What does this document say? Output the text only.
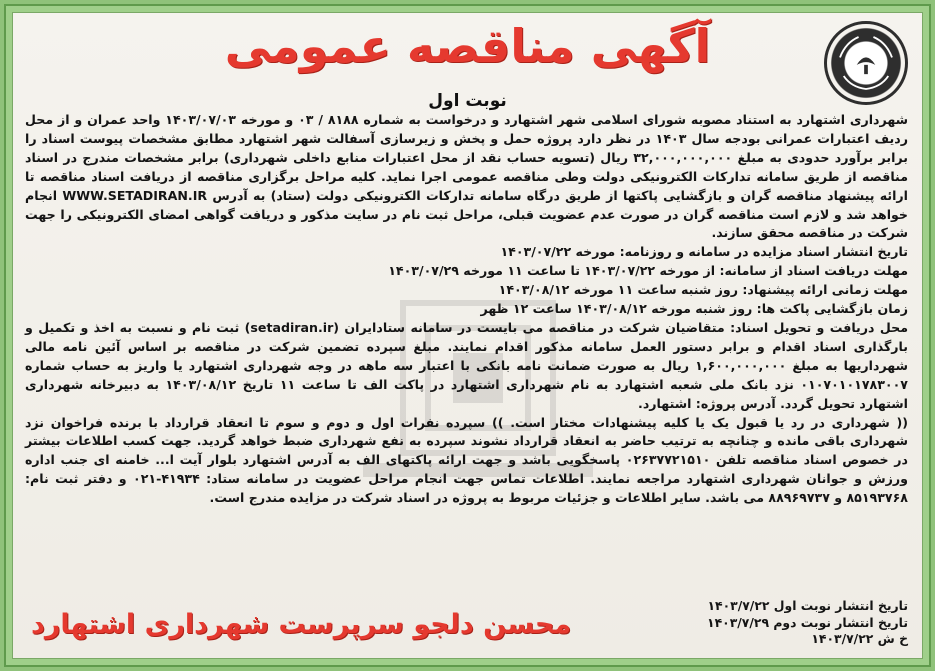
آگهی مناقصه عمومی
نوبت اول

شهرداری اشتهارد به استناد مصوبه شورای اسلامی شهر اشتهارد و درخواست به شماره ۸۱۸۸ / ۰۳ و مورخه ۱۴۰۳/۰۷/۰۳ واحد عمران و از محل ردیف اعتبارات عمرانی بودجه سال ۱۴۰۳ در نظر دارد پروژه حمل و پخش و زیرسازی آسفالت شهر اشتهارد مطابق مشخصات پیوست اسناد را برابر برآورد حدودی به مبلغ ۳۲,۰۰۰,۰۰۰,۰۰۰ ریال (تسویه حساب نقد از محل اعتبارات منابع داخلی شهرداری) برابر مشخصات مندرج در اسناد مناقصه از طریق سامانه تدارکات الکترونیکی دولت وطی مناقصه عمومی اجرا نماید. کلیه مراحل برگزاری مناقصه از دریافت اسناد مناقصه تا ارائه پیشنهاد مناقصه گران و بازگشایی پاکتها از طریق درگاه سامانه تدارکات الکترونیکی دولت (ستاد) به آدرس WWW.SETADIRAN.IR انجام خواهد شد و لازم است مناقصه گران در صورت عدم عضویت قبلی، مراحل ثبت نام در سایت مذکور و دریافت گواهی امضای الکترونیکی را جهت شرکت در مناقصه محقق سازند.

تاریخ انتشار اسناد مزایده در سامانه و روزنامه: مورخه ۱۴۰۳/۰۷/۲۲

مهلت دریافت اسناد از سامانه: از مورخه ۱۴۰۳/۰۷/۲۲ تا ساعت ۱۱ مورخه ۱۴۰۳/۰۷/۲۹

مهلت زمانی ارائه پیشنهاد: روز شنبه ساعت ۱۱ مورخه ۱۴۰۳/۰۸/۱۲

زمان بازگشایی پاکت ها: روز شنبه مورخه ۱۴۰۳/۰۸/۱۲ ساعت ۱۲ ظهر

محل دریافت و تحویل اسناد: متقاضیان شرکت در مناقصه می بایست در سامانه ستادایران (setadiran.ir) ثبت نام و نسبت به اخذ و تکمیل و بارگذاری اسناد اقدام و برابر دستور العمل سامانه مذکور اقدام نمایند. مبلغ سپرده تضمین شرکت در مناقصه بر اساس آئین نامه مالی شهرداریها به مبلغ ۱,۶۰۰,۰۰۰,۰۰۰ ریال به صورت ضمانت نامه بانکی با اعتبار سه ماهه در وجه شهرداری اشتهارد یا واریز به حساب شماره ۰۱۰۷۰۱۰۱۷۸۳۰۰۷ نزد بانک ملی شعبه اشتهارد به نام شهرداری اشتهارد در پاکت الف تا ساعت ۱۱ تاریخ ۱۴۰۳/۰۸/۱۲ به دبیرخانه شهرداری اشتهارد تحویل گردد. آدرس پروژه: اشتهارد.

(( شهرداری در رد یا قبول یک یا کلیه پیشنهادات مختار است. )) سپرده نفرات اول و دوم و سوم تا انعقاد قرارداد با برنده فراخوان نزد شهرداری باقی مانده و چنانچه به ترتیب حاضر به انعقاد قرارداد نشوند سپرده به نفع شهرداری ضبط خواهد گردید. جهت کسب اطلاعات بیشتر در خصوص اسناد مناقصه تلفن ۰۲۶۳۷۷۲۱۵۱۰ پاسخگویی باشد و جهت ارائه پاکتهای الف به آدرس اشتهارد بلوار آیت ا... خامنه ای جنب اداره ورزش و جوانان شهرداری اشتهارد مراجعه نمایند. اطلاعات تماس جهت انجام مراحل عضویت در سامانه ستاد: ۴۱۹۳۴-۰۲۱ و دفتر ثبت نام: ۸۵۱۹۳۷۶۸ و ۸۸۹۶۹۷۳۷ می باشد. سایر اطلاعات و جزئیات مربوط به پروژه در اسناد شرکت در مزایده مندرج است.

تاریخ انتشار نوبت اول ۱۴۰۳/۷/۲۲
تاریخ انتشار نوبت دوم ۱۴۰۳/۷/۲۹
خ ش ۱۴۰۳/۷/۲۲
محسن دلجو سرپرست شهرداری اشتهارد
